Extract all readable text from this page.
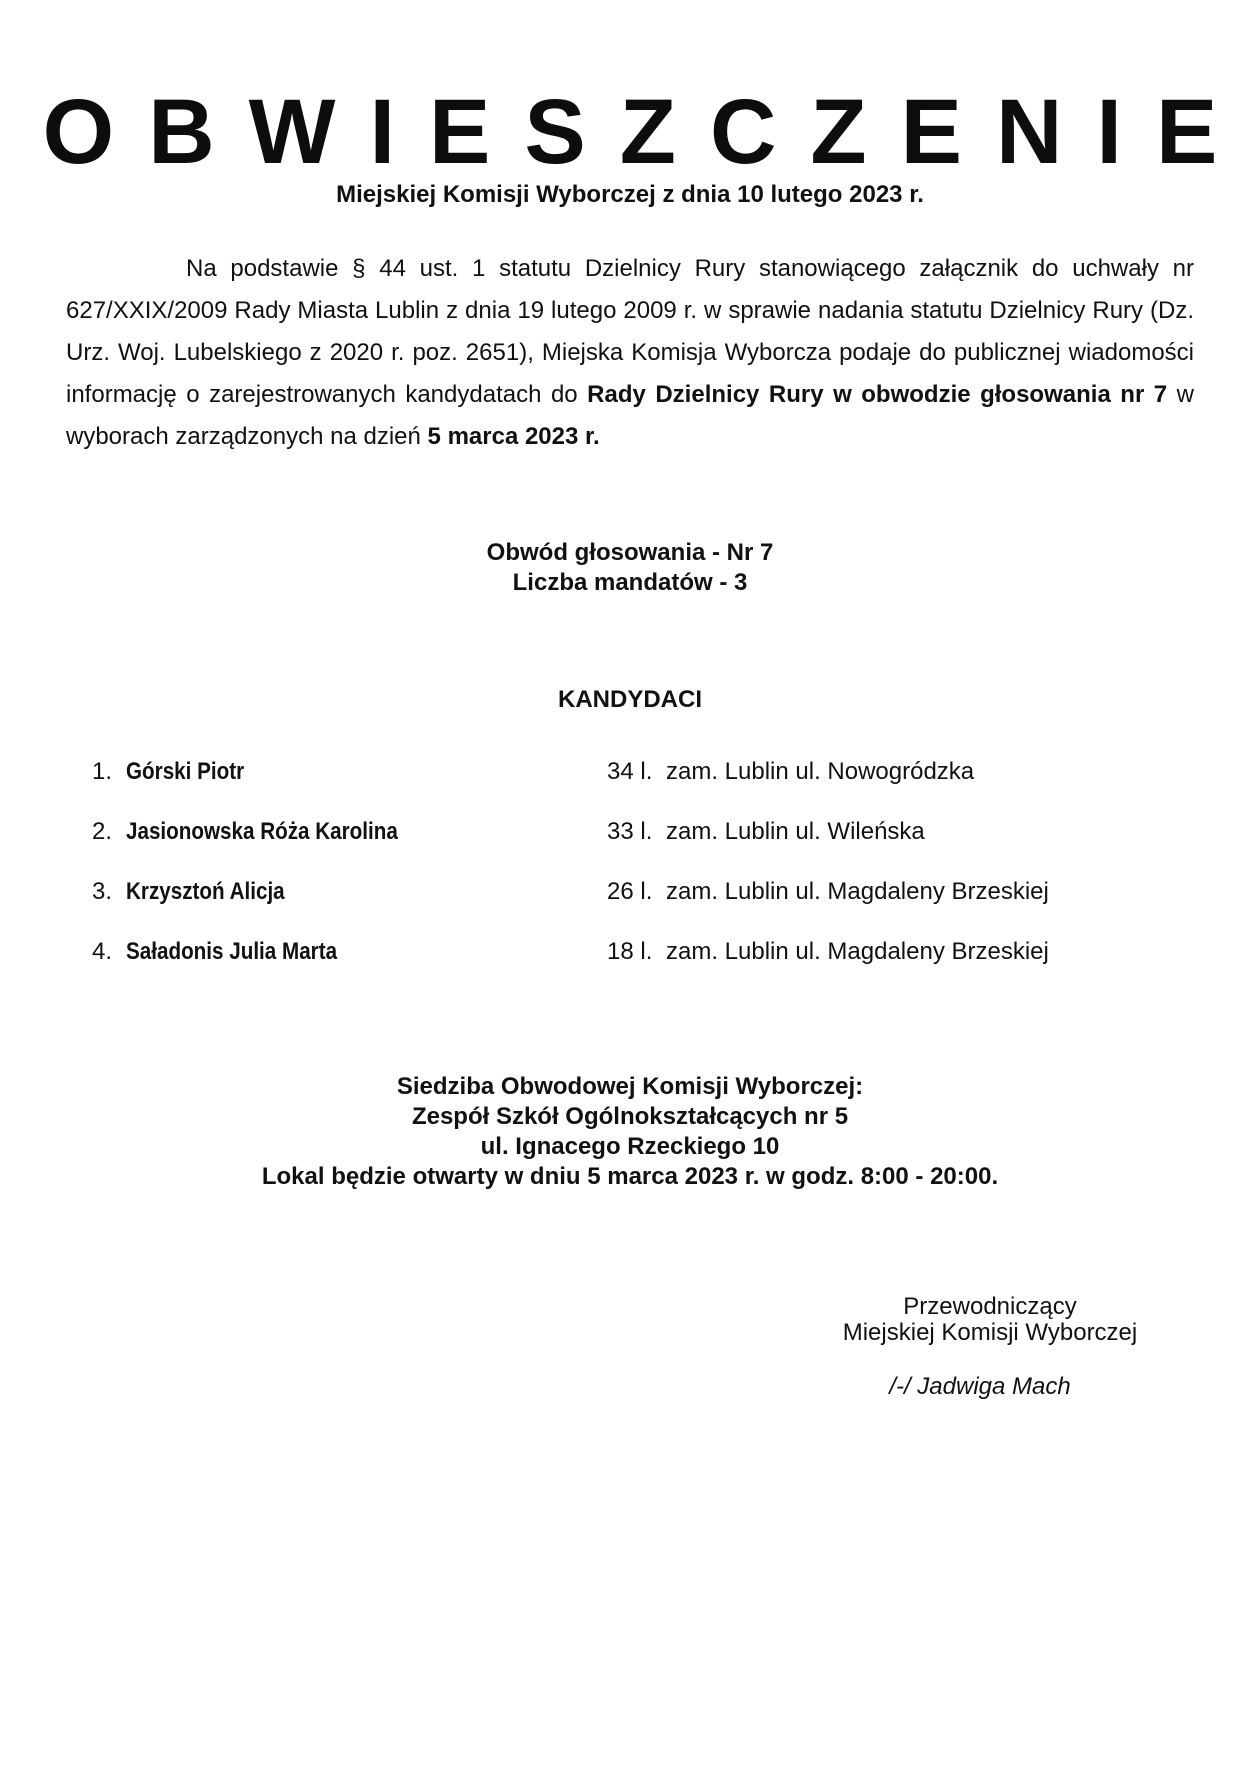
OBWIESZCZENIE
Miejskiej Komisji Wyborczej z dnia 10 lutego 2023 r.
Na podstawie § 44 ust. 1 statutu Dzielnicy Rury stanowiącego załącznik do uchwały nr 627/XXIX/2009 Rady Miasta Lublin z dnia 19 lutego 2009 r. w sprawie nadania statutu Dzielnicy Rury (Dz. Urz. Woj. Lubelskiego z 2020 r. poz. 2651), Miejska Komisja Wyborcza podaje do publicznej wiadomości informację o zarejestrowanych kandydatach do Rady Dzielnicy Rury w obwodzie głosowania nr 7 w wyborach zarządzonych na dzień 5 marca 2023 r.
Obwód głosowania - Nr 7
Liczba mandatów - 3
KANDYDACI
1. Górski Piotr	34 l. zam. Lublin ul. Nowogródzka
2. Jasionowska Róża Karolina	33 l. zam. Lublin ul. Wileńska
3. Krzysztoń Alicja	26 l. zam. Lublin ul. Magdaleny Brzeskiej
4. Saładonis Julia Marta	18 l. zam. Lublin ul. Magdaleny Brzeskiej
Siedziba Obwodowej Komisji Wyborczej:
Zespół Szkół Ogólnokształcących nr 5
ul. Ignacego Rzeckiego 10
Lokal będzie otwarty w dniu 5 marca 2023 r. w godz. 8:00 - 20:00.
Przewodniczący
Miejskiej Komisji Wyborczej
/-/ Jadwiga Mach
